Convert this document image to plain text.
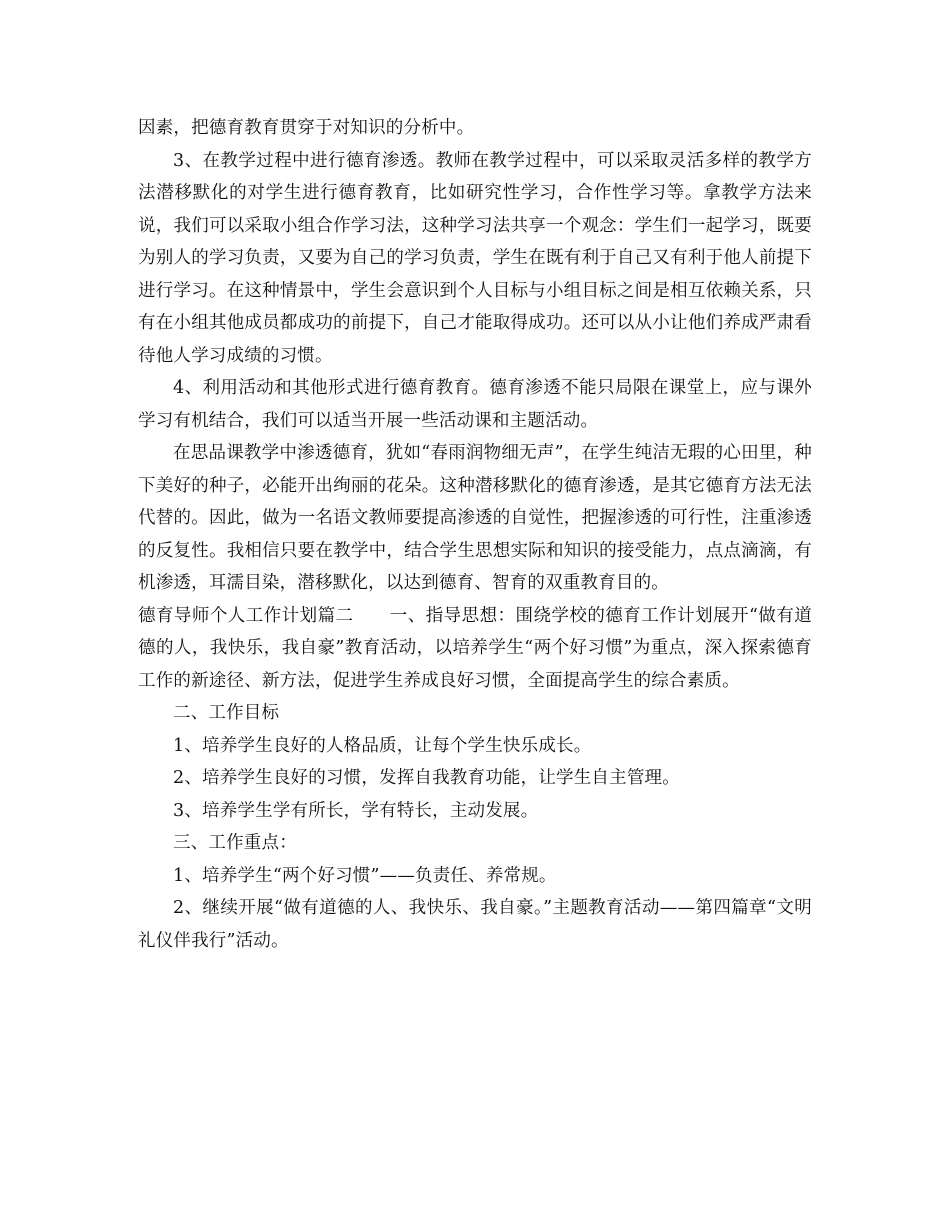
因素，把德育教育贯穿于对知识的分析中。

3、在教学过程中进行德育渗透。教师在教学过程中，可以采取灵活多样的教学方法潜移默化的对学生进行德育教育，比如研究性学习，合作性学习等。拿教学方法来说，我们可以采取小组合作学习法，这种学习法共享一个观念：学生们一起学习，既要为别人的学习负责，又要为自己的学习负责，学生在既有利于自己又有利于他人前提下进行学习。在这种情景中，学生会意识到个人目标与小组目标之间是相互依赖关系，只有在小组其他成员都成功的前提下，自己才能取得成功。还可以从小让他们养成严肃看待他人学习成绩的习惯。

4、利用活动和其他形式进行德育教育。德育渗透不能只局限在课堂上，应与课外学习有机结合，我们可以适当开展一些活动课和主题活动。

在思品课教学中渗透德育，犹如“春雨润物细无声”，在学生纯洁无瑕的心田里，种下美好的种子，必能开出绚丽的花朵。这种潜移默化的德育渗透，是其它德育方法无法代替的。因此，做为一名语文教师要提高渗透的自觉性，把握渗透的可行性，注重渗透的反复性。我相信只要在教学中，结合学生思想实际和知识的接受能力，点点滴滴，有机渗透，耳濡目染，潜移默化，以达到德育、智育的双重教育目的。

德育导师个人工作计划篇二 一、指导思想：围绕学校的德育工作计划展开“做有道德的人，我快乐，我自豪”教育活动，以培养学生“两个好习惯”为重点，深入探索德育工作的新途径、新方法，促进学生养成良好习惯，全面提高学生的综合素质。

二、工作目标

1、培养学生良好的人格品质，让每个学生快乐成长。

2、培养学生良好的习惯，发挥自我教育功能，让学生自主管理。

3、培养学生学有所长，学有特长，主动发展。

三、工作重点：

1、培养学生“两个好习惯”——负责任、养常规。

2、继续开展“做有道德的人、我快乐、我自豪。”主题教育活动——第四篇章“文明礼仪伴我行”活动。
